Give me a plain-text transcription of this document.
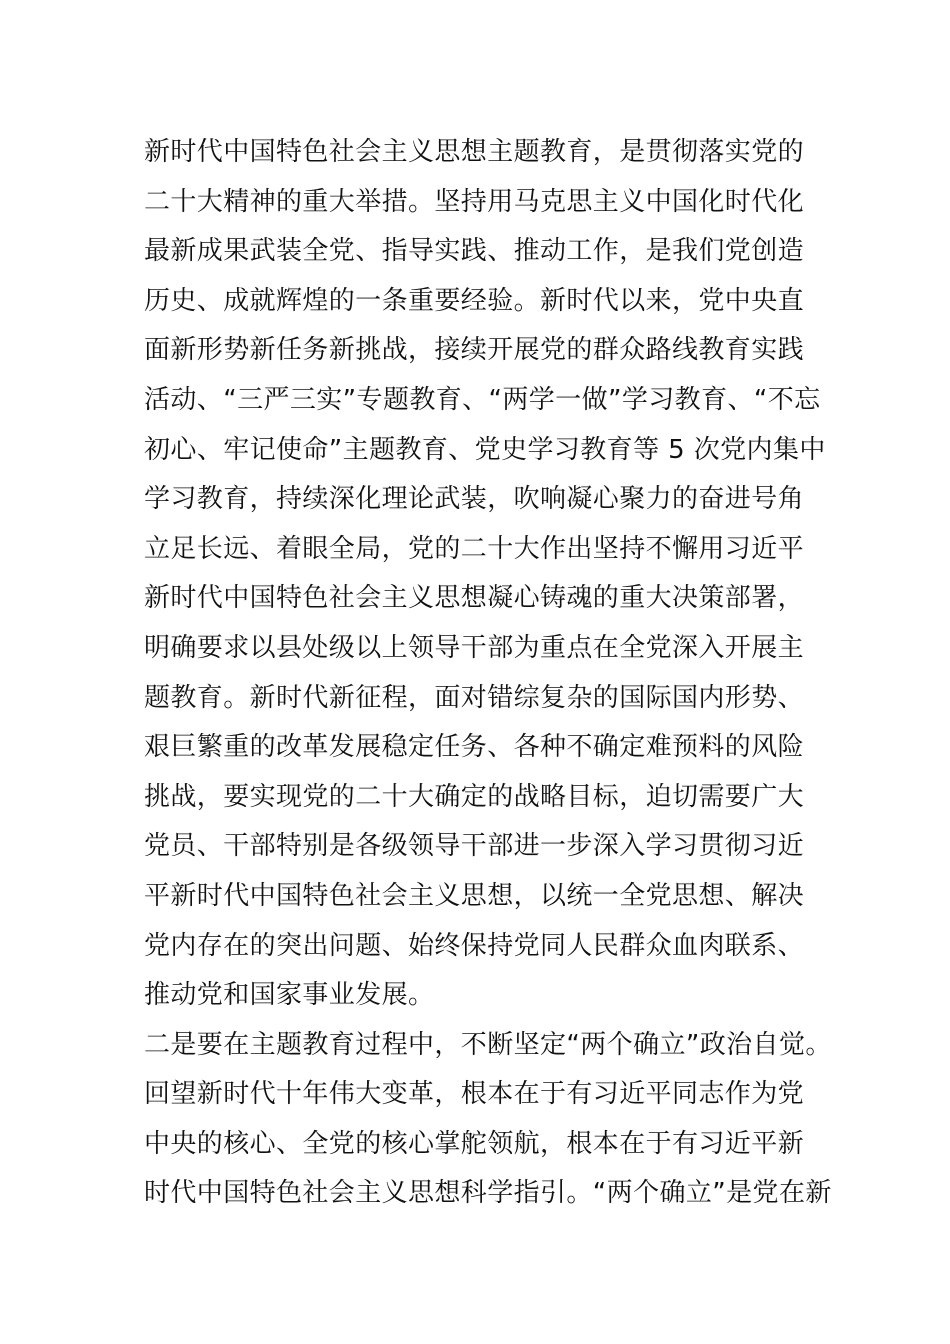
新时代中国特色社会主义思想主题教育，是贯彻落实党的
二十大精神的重大举措。坚持用马克思主义中国化时代化
最新成果武装全党、指导实践、推动工作，是我们党创造
历史、成就辉煌的一条重要经验。新时代以来，党中央直
面新形势新任务新挑战，接续开展党的群众路线教育实践
活动、“三严三实”专题教育、“两学一做”学习教育、“不忘
初心、牢记使命”主题教育、党史学习教育等 5 次党内集中
学习教育，持续深化理论武装，吹响凝心聚力的奋进号角
立足长远、着眼全局，党的二十大作出坚持不懈用习近平
新时代中国特色社会主义思想凝心铸魂的重大决策部署，
明确要求以县处级以上领导干部为重点在全党深入开展主
题教育。新时代新征程，面对错综复杂的国际国内形势、
艰巨繁重的改革发展稳定任务、各种不确定难预料的风险
挑战，要实现党的二十大确定的战略目标，迫切需要广大
党员、干部特别是各级领导干部进一步深入学习贯彻习近
平新时代中国特色社会主义思想，以统一全党思想、解决
党内存在的突出问题、始终保持党同人民群众血肉联系、
推动党和国家事业发展。
二是要在主题教育过程中，不断坚定“两个确立”政治自觉。
回望新时代十年伟大变革，根本在于有习近平同志作为党
中央的核心、全党的核心掌舵领航，根本在于有习近平新
时代中国特色社会主义思想科学指引。“两个确立”是党在新
